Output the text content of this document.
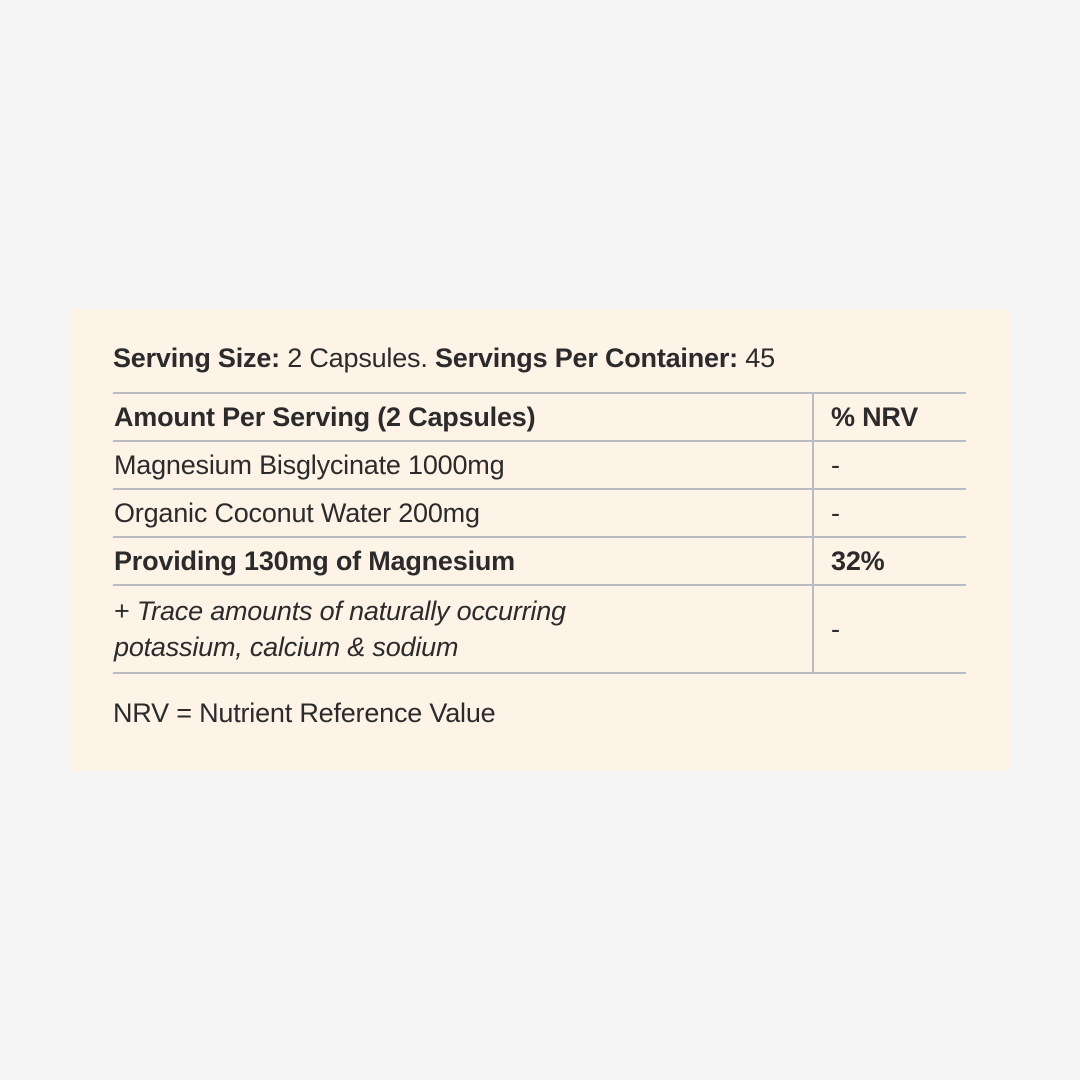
Serving Size: 2 Capsules. Servings Per Container: 45
Amount Per Serving (2 Capsules)	% NRV
Magnesium Bisglycinate 1000mg	-
Organic Coconut Water 200mg	-
Providing 130mg of Magnesium	32%

+ Trace amounts of naturally occurring
potassium, calcium & sodium	-
NRV = Nutrient Reference Value
